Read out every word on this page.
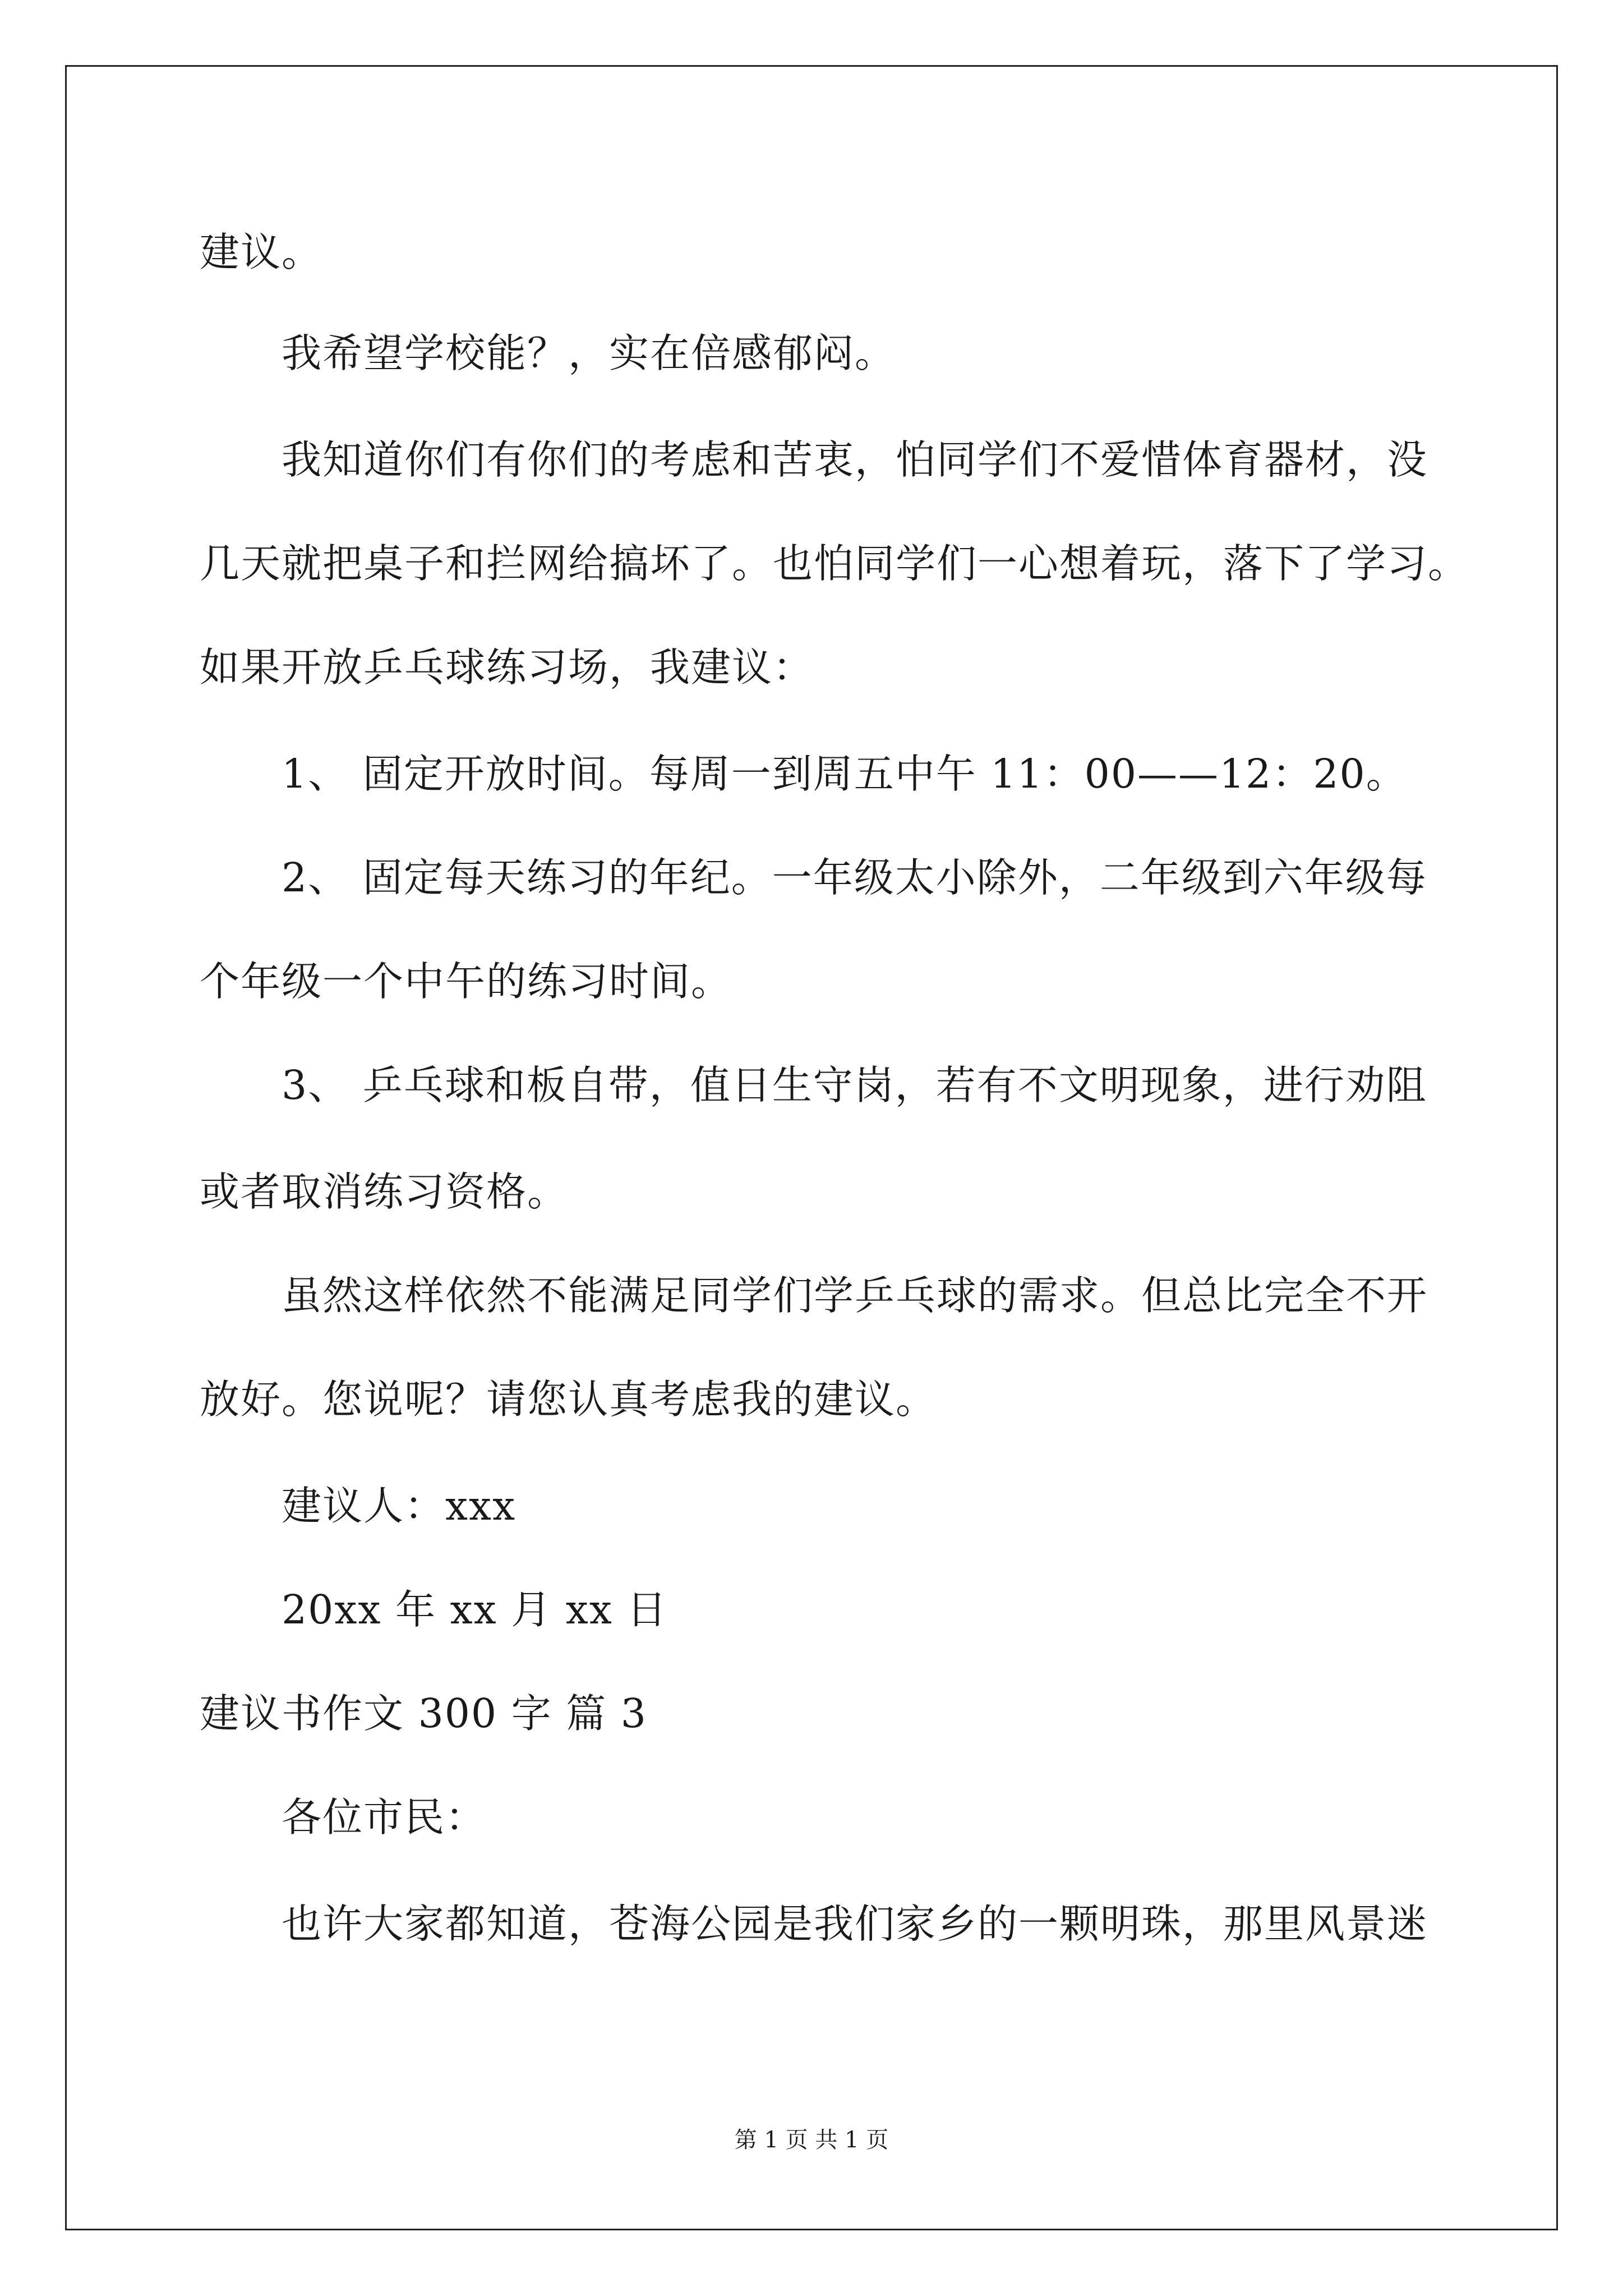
建议。
我希望学校能？，实在倍感郁闷。
我知道你们有你们的考虑和苦衷，怕同学们不爱惜体育器材，没
几天就把桌子和拦网给搞坏了。也怕同学们一心想着玩，落下了学习。
如果开放乒乓球练习场，我建议：
1、 固定开放时间。每周一到周五中午 11：00——12：20。
2、 固定每天练习的年纪。一年级太小除外，二年级到六年级每
个年级一个中午的练习时间。
3、 乒乓球和板自带，值日生守岗，若有不文明现象，进行劝阻
或者取消练习资格。
虽然这样依然不能满足同学们学乒乓球的需求。但总比完全不开
放好。您说呢？请您认真考虑我的建议。
建议人：xxx
20xx 年 xx 月 xx 日
建议书作文 300 字 篇 3
各位市民：
也许大家都知道，苍海公园是我们家乡的一颗明珠，那里风景迷
第 1 页 共 1 页
